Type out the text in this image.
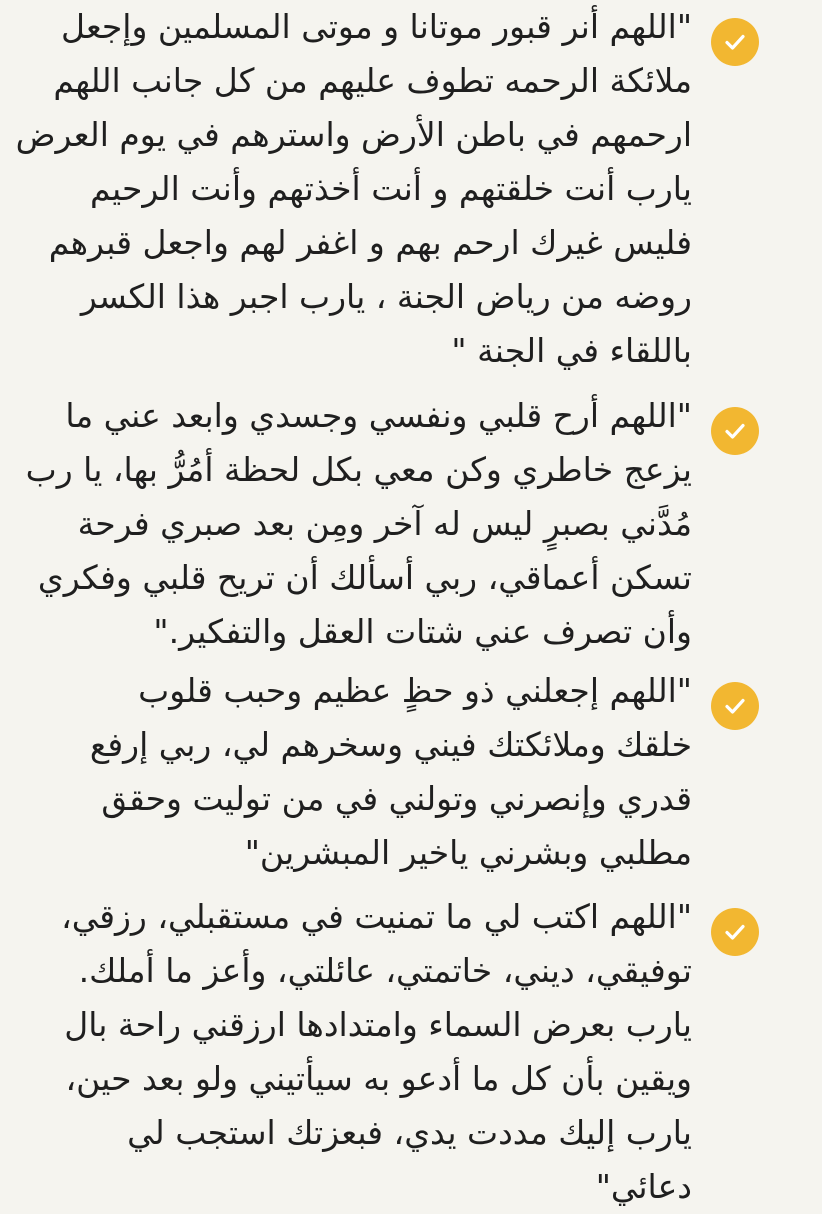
"اللهم أنر قبور موتانا و موتى المسلمين وإجعل
ملائكة الرحمه تطوف عليهم من كل جانب اللهم
ارحمهم في باطن الأرض واسترهم في يوم العرض
يارب أنت خلقتهم و أنت أخذتهم وأنت الرحيم
فليس غيرك ارحم بهم و اغفر لهم واجعل قبرهم
روضه من رياض الجنة ، يارب اجبر هذا الكسر
باللقاء في الجنة "

"اللهم أرح قلبي ونفسي وجسدي وابعد عني ما
يزعج خاطري وكن معي بكل لحظة أمُرُّ بها، يا رب
مُدَّني بصبرٍ ليس له آخر ومِن بعد صبري فرحة
تسكن أعماقي، ربي أسألك أن تريح قلبي وفكري
وأن تصرف عني شتات العقل والتفكير."

"اللهم إجعلني ذو حظٍ عظيم وحبب قلوب
خلقك وملائكتك فيني وسخرهم لي، ربي إرفع
قدري وإنصرني وتولني في من توليت وحقق
مطلبي وبشرني ياخير المبشرين"

"اللهم اكتب لي ما تمنيت في مستقبلي، رزقي،
توفيقي، ديني، خاتمتي، عائلتي، وأعز ما أملك.
يارب بعرض السماء وامتدادها ارزقني راحة بال
ويقين بأن كل ما أدعو به سيأتيني ولو بعد حين،
يارب إليك مددت يدي، فبعزتك استجب لي
دعائي"
